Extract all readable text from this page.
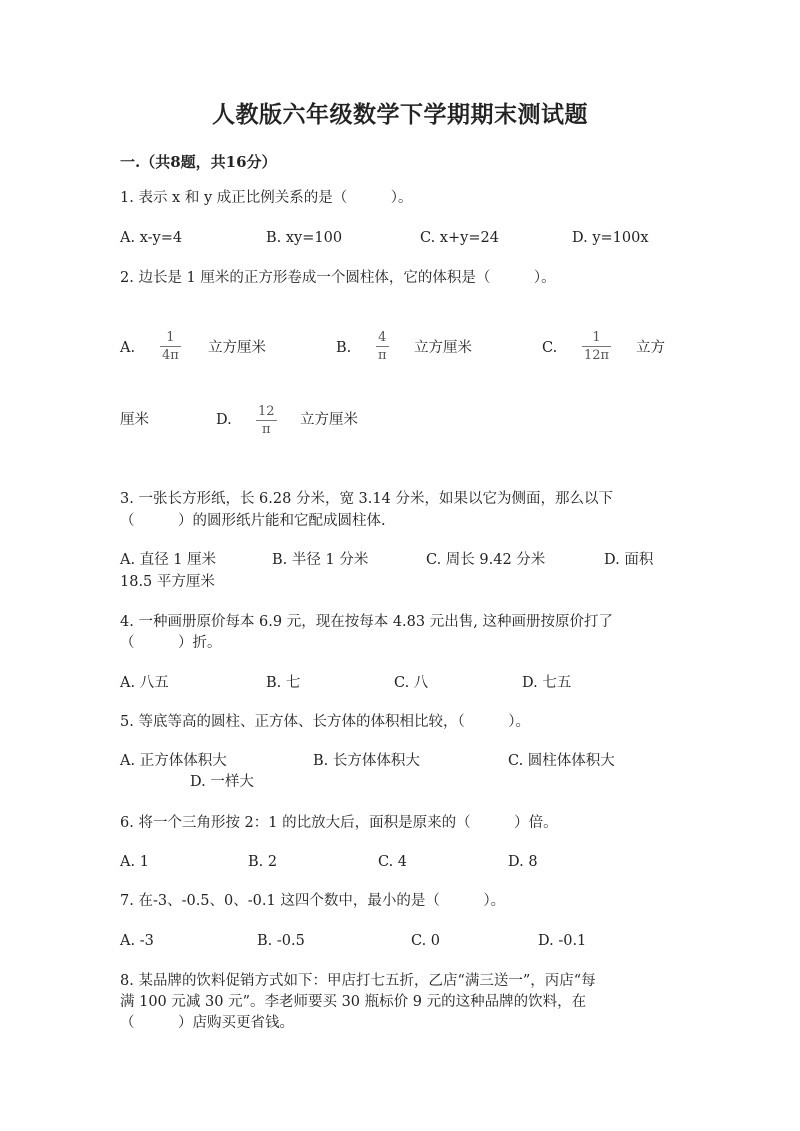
人教版六年级数学下学期期末测试题
一.（共8题，共16分）
1. 表示 x 和 y 成正比例关系的是（　　　）。
A. x-y=4	B. xy=100	C. x+y=24	D. y=100x
2. 边长是 1 厘米的正方形卷成一个圆柱体，它的体积是（　　　）。
A.
1
4π 立方厘米	B.
4
π 立方厘米	C.
1
12π 立方
厘米	D.
12
π
立方厘米
3. 一张长方形纸，长 6.28 分米，宽 3.14 分米，如果以它为侧面，那么以下
（　　　）的圆形纸片能和它配成圆柱体.
A. 直径 1 厘米	B. 半径 1 分米	C. 周长 9.42 分米	D. 面积
18.5 平方厘米
4. 一种画册原价每本 6.9 元，现在按每本 4.83 元出售, 这种画册按原价打了
（　　　）折。
A. 八五	B. 七	C. 八	D. 七五
5. 等底等高的圆柱、正方体、长方体的体积相比较，（　　　）。
A. 正方体体积大	B. 长方体体积大	C. 圆柱体体积大
D. 一样大
6. 将一个三角形按 2：1 的比放大后，面积是原来的（　　　）倍。
A. 1	B. 2	C. 4	D. 8
7. 在-3、-0.5、0、-0.1 这四个数中，最小的是（　　　）。
A. -3	B. -0.5	C. 0	D. -0.1
8. 某品牌的饮料促销方式如下：甲店打七五折，乙店“满三送一”，丙店“每
满 100 元减 30 元”。李老师要买 30 瓶标价 9 元的这种品牌的饮料，在
（　　　）店购买更省钱。
